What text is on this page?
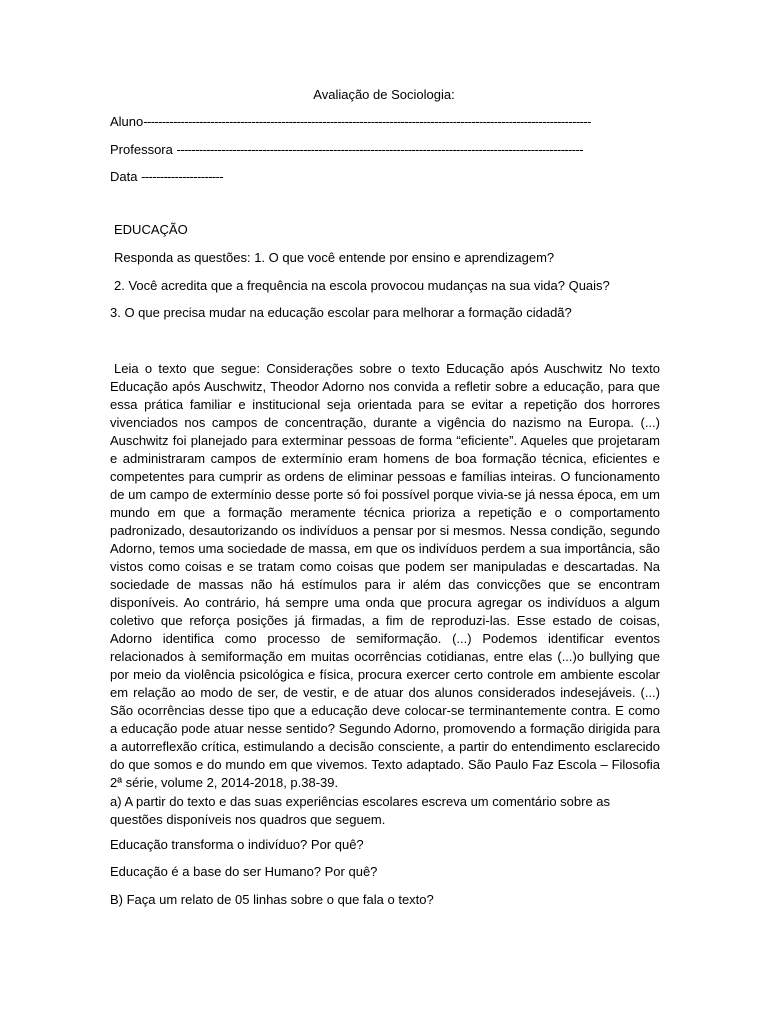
Avaliação de Sociologia:
Aluno------------------------------------------------------------------------------------------------------------------------
Professora -------------------------------------------------------------------------------------------------------------
Data ----------------------
EDUCAÇÃO
Responda as questões: 1. O que você entende por ensino e aprendizagem?
2. Você acredita que a frequência na escola provocou mudanças na sua vida? Quais?
3. O que precisa mudar na educação escolar para melhorar a formação cidadã?
Leia o texto que segue: Considerações sobre o texto Educação após Auschwitz No texto Educação após Auschwitz, Theodor Adorno nos convida a refletir sobre a educação, para que essa prática familiar e institucional seja orientada para se evitar a repetição dos horrores vivenciados nos campos de concentração, durante a vigência do nazismo na Europa. (...) Auschwitz foi planejado para exterminar pessoas de forma “eficiente”. Aqueles que projetaram e administraram campos de extermínio eram homens de boa formação técnica, eficientes e competentes para cumprir as ordens de eliminar pessoas e famílias inteiras. O funcionamento de um campo de extermínio desse porte só foi possível porque vivia-se já nessa época, em um mundo em que a formação meramente técnica prioriza a repetição e o comportamento padronizado, desautorizando os indivíduos a pensar por si mesmos. Nessa condição, segundo Adorno, temos uma sociedade de massa, em que os indivíduos perdem a sua importância, são vistos como coisas e se tratam como coisas que podem ser manipuladas e descartadas. Na sociedade de massas não há estímulos para ir além das convicções que se encontram disponíveis. Ao contrário, há sempre uma onda que procura agregar os indivíduos a algum coletivo que reforça posições já firmadas, a fim de reproduzi-las. Esse estado de coisas, Adorno identifica como processo de semiformação. (...) Podemos identificar eventos relacionados à semiformação em muitas ocorrências cotidianas, entre elas (...)o bullying que por meio da violência psicológica e física, procura exercer certo controle em ambiente escolar em relação ao modo de ser, de vestir, e de atuar dos alunos considerados indesejáveis. (...) São ocorrências desse tipo que a educação deve colocar-se terminantemente contra. E como a educação pode atuar nesse sentido? Segundo Adorno, promovendo a formação dirigida para a autorreflexão crítica, estimulando a decisão consciente, a partir do entendimento esclarecido do que somos e do mundo em que vivemos. Texto adaptado. São Paulo Faz Escola – Filosofia 2ª série, volume 2, 2014-2018, p.38-39.
a) A partir do texto e das suas experiências escolares escreva um comentário sobre as questões disponíveis nos quadros que seguem.
Educação transforma o indivíduo? Por quê?
Educação é a base do ser Humano? Por quê?
B) Faça um relato de 05 linhas sobre o que fala o texto?
